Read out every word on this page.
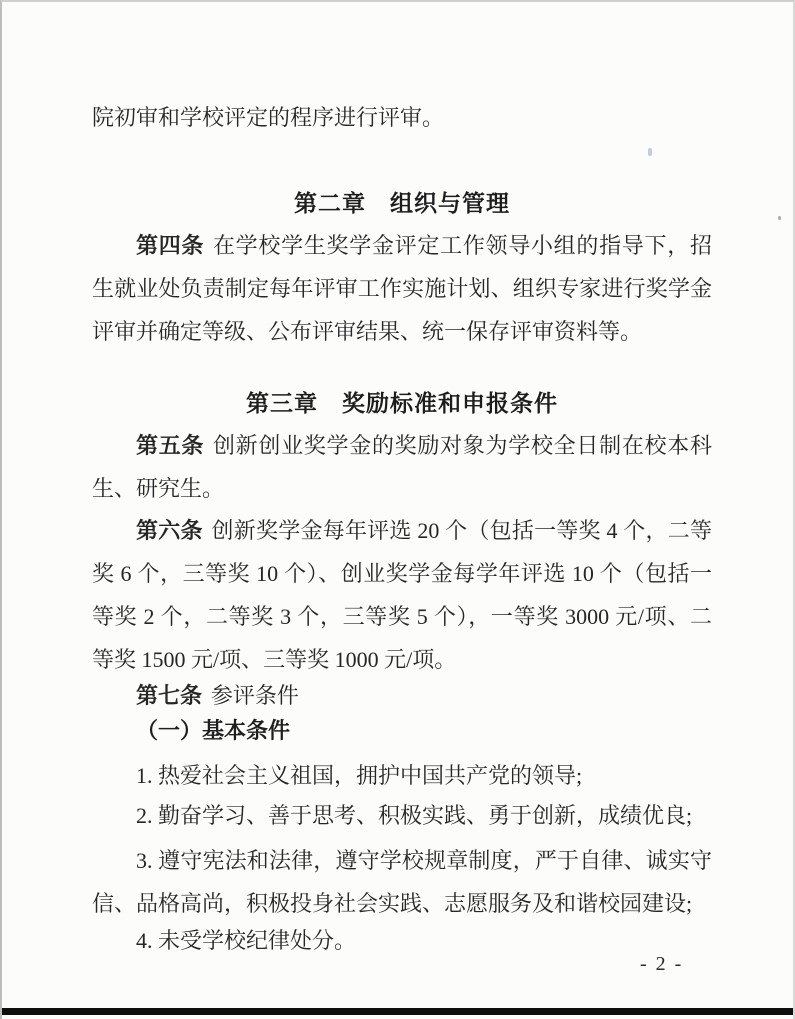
院初审和学校评定的程序进行评审。

第二章　组织与管理

第四条 在学校学生奖学金评定工作领导小组的指导下，招生就业处负责制定每年评审工作实施计划、组织专家进行奖学金评审并确定等级、公布评审结果、统一保存评审资料等。

第三章　奖励标准和申报条件

第五条 创新创业奖学金的奖励对象为学校全日制在校本科生、研究生。

第六条 创新奖学金每年评选 20 个（包括一等奖 4 个，二等奖 6 个，三等奖 10 个）、创业奖学金每学年评选 10 个（包括一等奖 2 个，二等奖 3 个，三等奖 5 个），一等奖 3000 元/项、二等奖 1500 元/项、三等奖 1000 元/项。

第七条 参评条件

（一）基本条件

1. 热爱社会主义祖国，拥护中国共产党的领导;

2. 勤奋学习、善于思考、积极实践、勇于创新，成绩优良;

3. 遵守宪法和法律，遵守学校规章制度，严于自律、诚实守信、品格高尚，积极投身社会实践、志愿服务及和谐校园建设;

4. 未受学校纪律处分。

- 2 -
